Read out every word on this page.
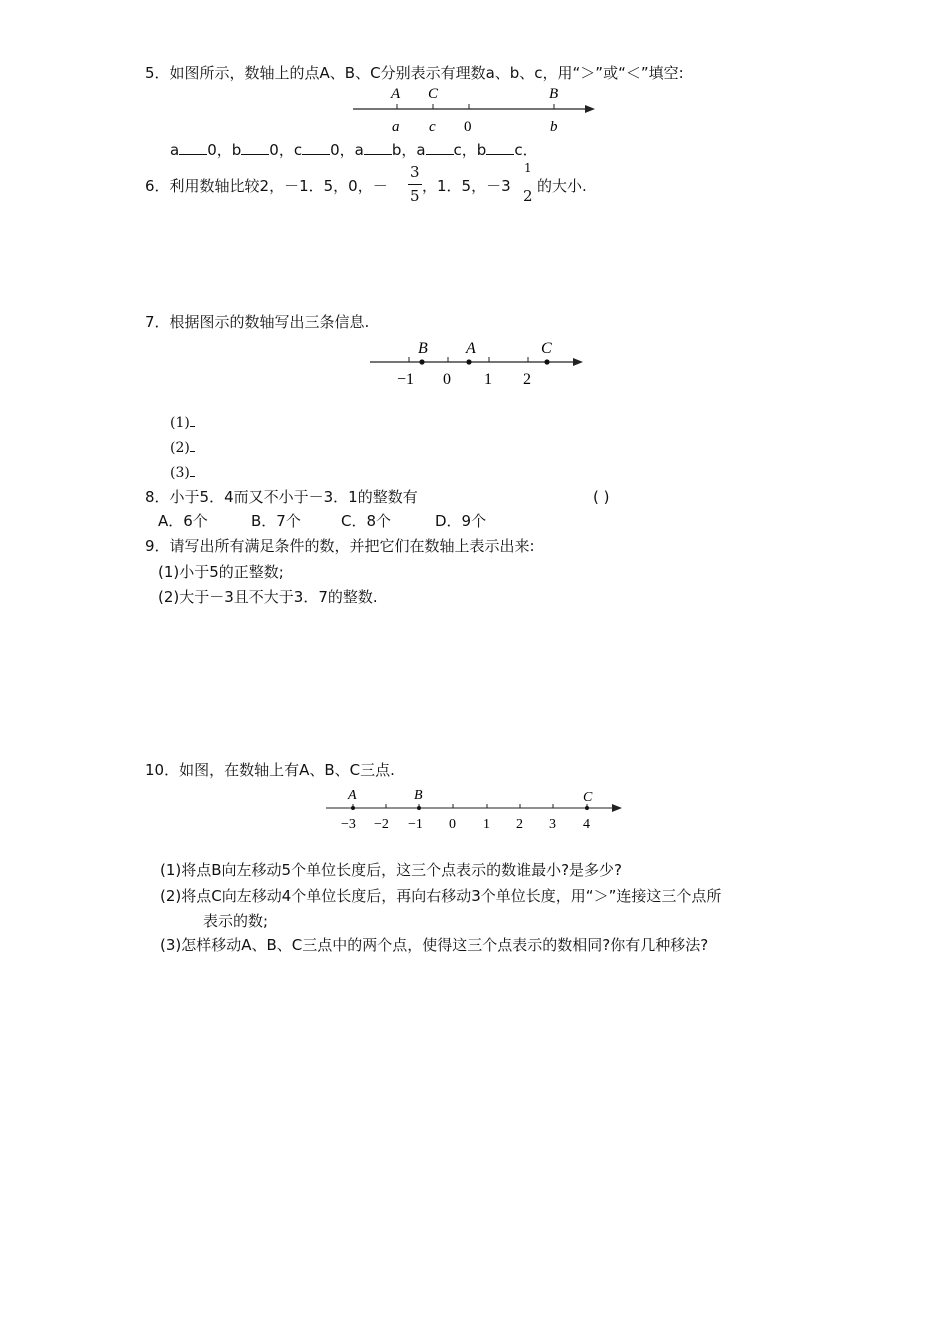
5．如图所示，数轴上的点A、B、C分别表示有理数a、b、c，用“＞”或“＜”填空:
A C	B
a c 0	b
a 0，b 0，c 0，a b，a c，b c．
6．利用数轴比较2，－1．5，0，－
3
5
，1．5，－3
1
2
的大小.
7．根据图示的数轴写出三条信息.
B A	C
−1 0 1 2
(1)
(2)
(3)
8．小于5．4而又不小于－3．1的整数有	( )
A．6个	B．7个	C．8个	D．9个
9．请写出所有满足条件的数，并把它们在数轴上表示出来:
(1)小于5的正整数;
(2)大于－3且不大于3．7的整数.
10．如图，在数轴上有A、B、C三点.
A	B	C
−3 −2 −1 0 1 2 3 4
(1)将点B向左移动5个单位长度后，这三个点表示的数谁最小?是多少?
(2)将点C向左移动4个单位长度后，再向右移动3个单位长度，用“＞”连接这三个点所
表示的数;
(3)怎样移动A、B、C三点中的两个点，使得这三个点表示的数相同?你有几种移法?
